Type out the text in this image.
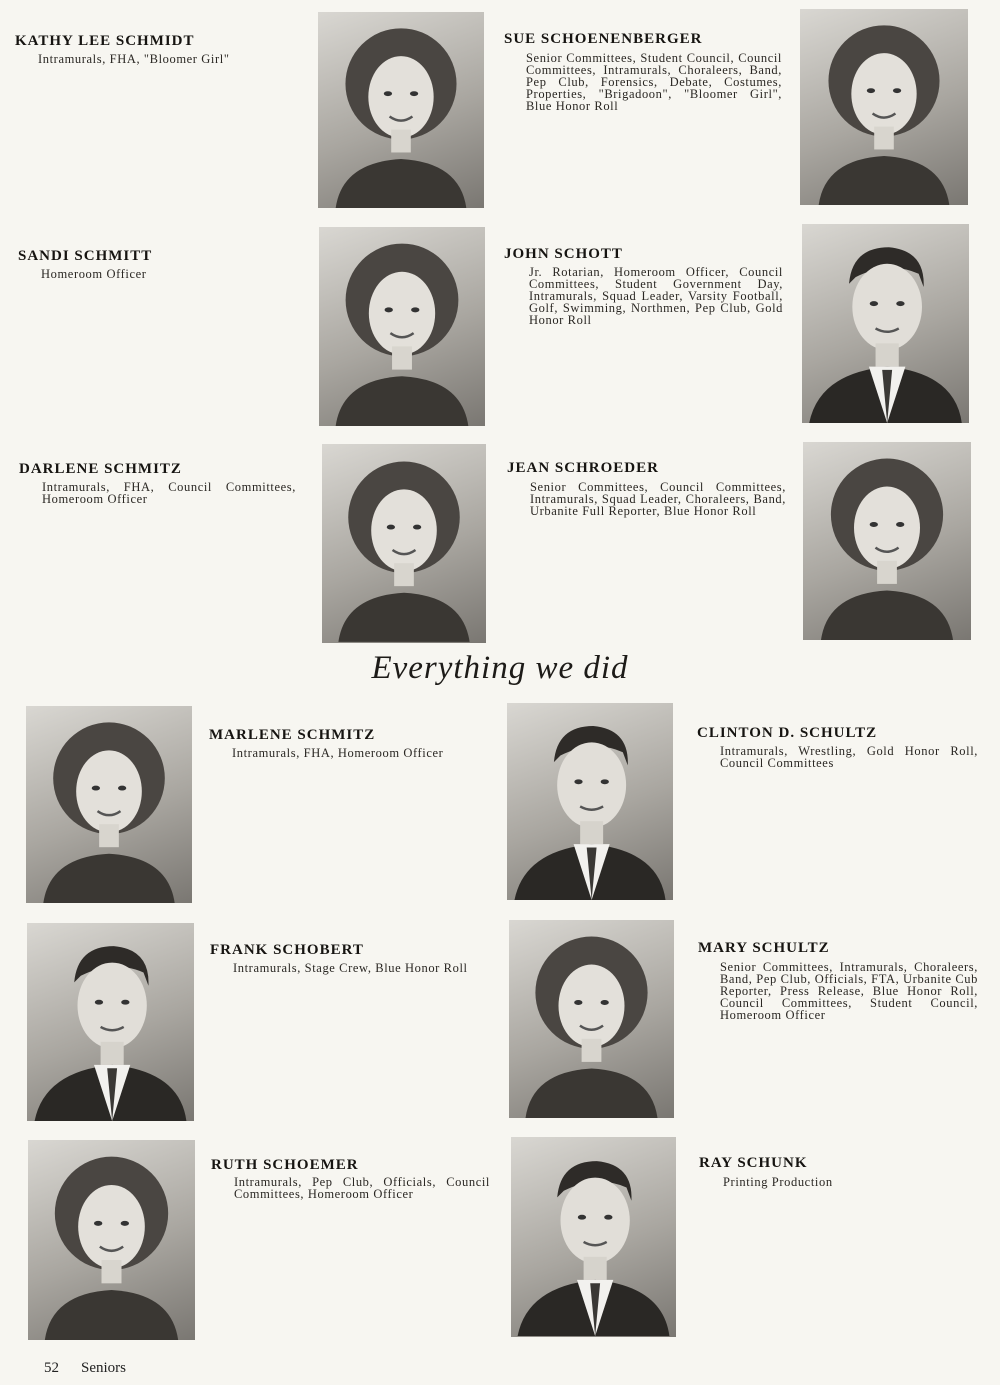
KATHY LEE SCHMIDT
Intramurals, FHA, "Bloomer Girl"
SUE SCHOENENBERGER
Senior Committees, Student Council, Council Committees, Intramurals, Choraleers, Band, Pep Club, Forensics, Debate, Costumes, Properties, "Brigadoon", "Bloomer Girl", Blue Honor Roll
SANDI SCHMITT
Homeroom Officer
JOHN SCHOTT
Jr. Rotarian, Homeroom Officer, Council Committees, Student Government Day, Intramurals, Squad Leader, Varsity Football, Golf, Swimming, Northmen, Pep Club, Gold Honor Roll
DARLENE SCHMITZ
Intramurals, FHA, Council Committees, Homeroom Officer
JEAN SCHROEDER
Senior Committees, Council Committees, Intramurals, Squad Leader, Choraleers, Band, Urbanite Full Reporter, Blue Honor Roll
Everything we did
MARLENE SCHMITZ
Intramurals, FHA, Homeroom Officer
CLINTON D. SCHULTZ
Intramurals, Wrestling, Gold Honor Roll, Council Committees
FRANK SCHOBERT
Intramurals, Stage Crew, Blue Honor Roll
MARY SCHULTZ
Senior Committees, Intramurals, Choraleers, Band, Pep Club, Officials, FTA, Urbanite Cub Reporter, Press Release, Blue Honor Roll, Council Committees, Student Council, Homeroom Officer
RUTH SCHOEMER
Intramurals, Pep Club, Officials, Council Committees, Homeroom Officer
RAY SCHUNK
Printing Production
52 Seniors
